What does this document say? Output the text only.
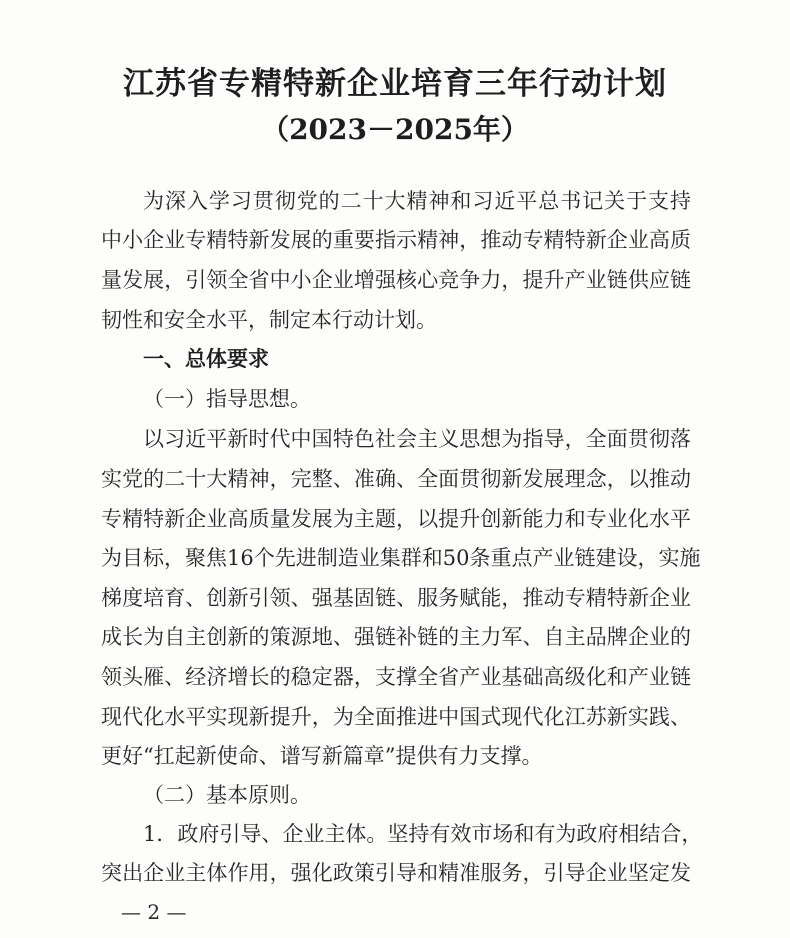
江苏省专精特新企业培育三年行动计划
（2023－2025年）
为深入学习贯彻党的二十大精神和习近平总书记关于支持
中小企业专精特新发展的重要指示精神，推动专精特新企业高质
量发展，引领全省中小企业增强核心竞争力，提升产业链供应链
韧性和安全水平，制定本行动计划。
一、总体要求
（一）指导思想。
以习近平新时代中国特色社会主义思想为指导，全面贯彻落
实党的二十大精神，完整、准确、全面贯彻新发展理念，以推动
专精特新企业高质量发展为主题，以提升创新能力和专业化水平
为目标，聚焦16个先进制造业集群和50条重点产业链建设，实施
梯度培育、创新引领、强基固链、服务赋能，推动专精特新企业
成长为自主创新的策源地、强链补链的主力军、自主品牌企业的
领头雁、经济增长的稳定器，支撑全省产业基础高级化和产业链
现代化水平实现新提升，为全面推进中国式现代化江苏新实践、
更好“扛起新使命、谱写新篇章”提供有力支撑。
（二）基本原则。
1．政府引导、企业主体。坚持有效市场和有为政府相结合，
突出企业主体作用，强化政策引导和精准服务，引导企业坚定发
— 2 —
